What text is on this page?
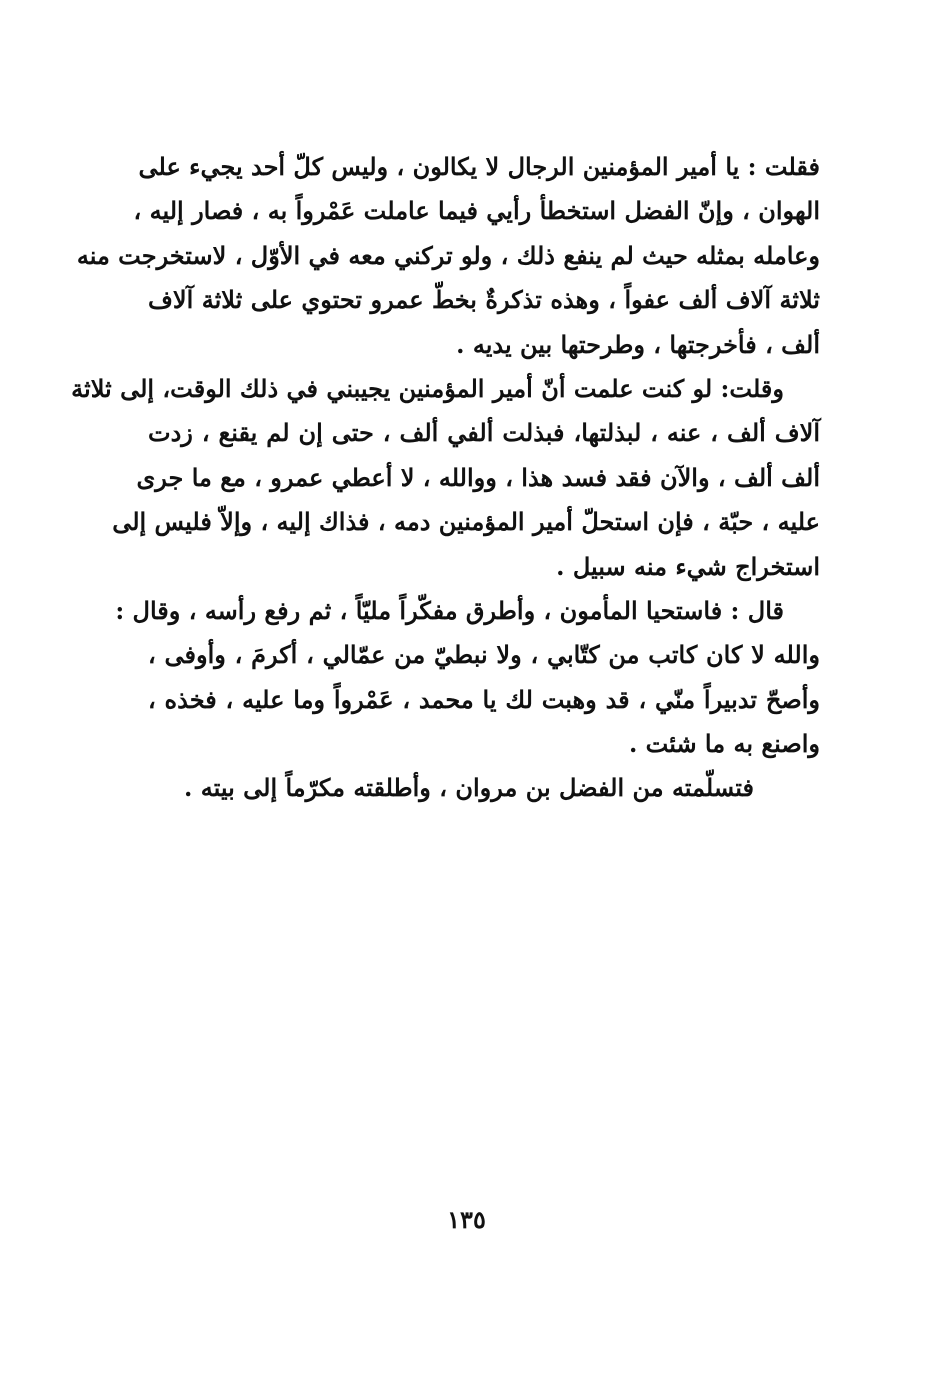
فقلت : يا أمير المؤمنين الرجال لا يكالون ، وليس كلّ أحد يجيء على
الهوان ، وإنّ الفضل استخطأ رأيي فيما عاملت عَمْرواً به ، فصار إليه ،
وعامله بمثله حيث لم ينفع ذلك ، ولو تركني معه في الأوّل ، لاستخرجت منه
ثلاثة آلاف ألف عفواً ، وهذه تذكرةٌ بخطّ عمرو تحتوي على ثلاثة آلاف
ألف ، فأخرجتها ، وطرحتها بين يديه .
وقلت: لو كنت علمت أنّ أمير المؤمنين يجيبني في ذلك الوقت، إلى ثلاثة
آلاف ألف ، عنه ، لبذلتها، فبذلت ألفي ألف ، حتى إن لم يقنع ، زدت
ألف ألف ، والآن فقد فسد هذا ، ووالله ، لا أعطي عمرو ، مع ما جرى
عليه ، حبّة ، فإن استحلّ أمير المؤمنين دمه ، فذاك إليه ، وإلاّ فليس إلى
استخراج شيء منه سبيل .
قال : فاستحيا المأمون ، وأطرق مفكّراً مليّاً ، ثم رفع رأسه ، وقال :
والله لا كان كاتب من كتّابي ، ولا نبطيّ من عمّالي ، أكرمَ ، وأوفى ،
وأصحّ تدبيراً منّي ، قد وهبت لك يا محمد ، عَمْرواً وما عليه ، فخذه ،
واصنع به ما شئت .
فتسلّمته من الفضل بن مروان ، وأطلقته مكرّماً إلى بيته .
١٣٥
